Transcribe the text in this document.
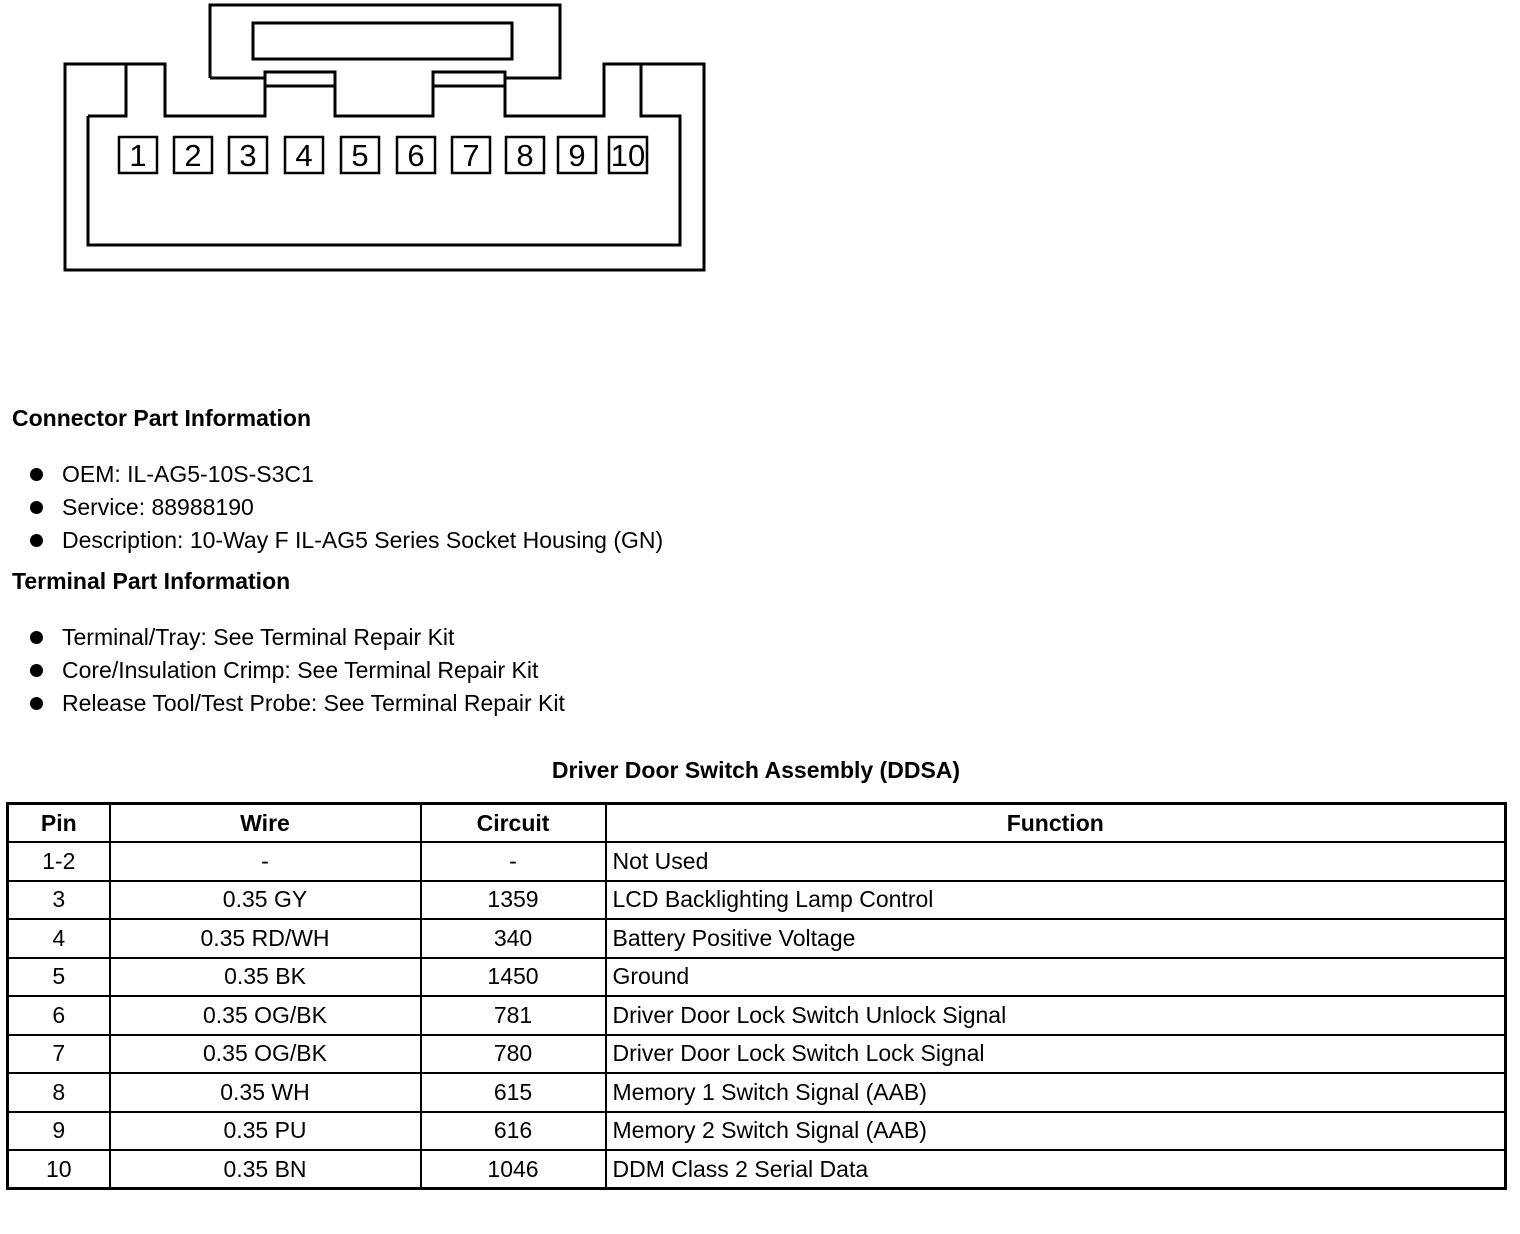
1 2 3 4 5 6 7 8 9 10
Connector Part Information
OEM: IL-AG5-10S-S3C1
Service: 88988190
Description: 10-Way F IL-AG5 Series Socket Housing (GN)
Terminal Part Information
Terminal/Tray: See Terminal Repair Kit
Core/Insulation Crimp: See Terminal Repair Kit
Release Tool/Test Probe: See Terminal Repair Kit
Driver Door Switch Assembly (DDSA)
Pin	Wire	Circuit	Function
1-2	-	-	Not Used
3	0.35 GY	1359	LCD Backlighting Lamp Control
4	0.35 RD/WH	340	Battery Positive Voltage
5	0.35 BK	1450	Ground
6	0.35 OG/BK	781	Driver Door Lock Switch Unlock Signal
7	0.35 OG/BK	780	Driver Door Lock Switch Lock Signal
8	0.35 WH	615	Memory 1 Switch Signal (AAB)
9	0.35 PU	616	Memory 2 Switch Signal (AAB)
10	0.35 BN	1046	DDM Class 2 Serial Data
